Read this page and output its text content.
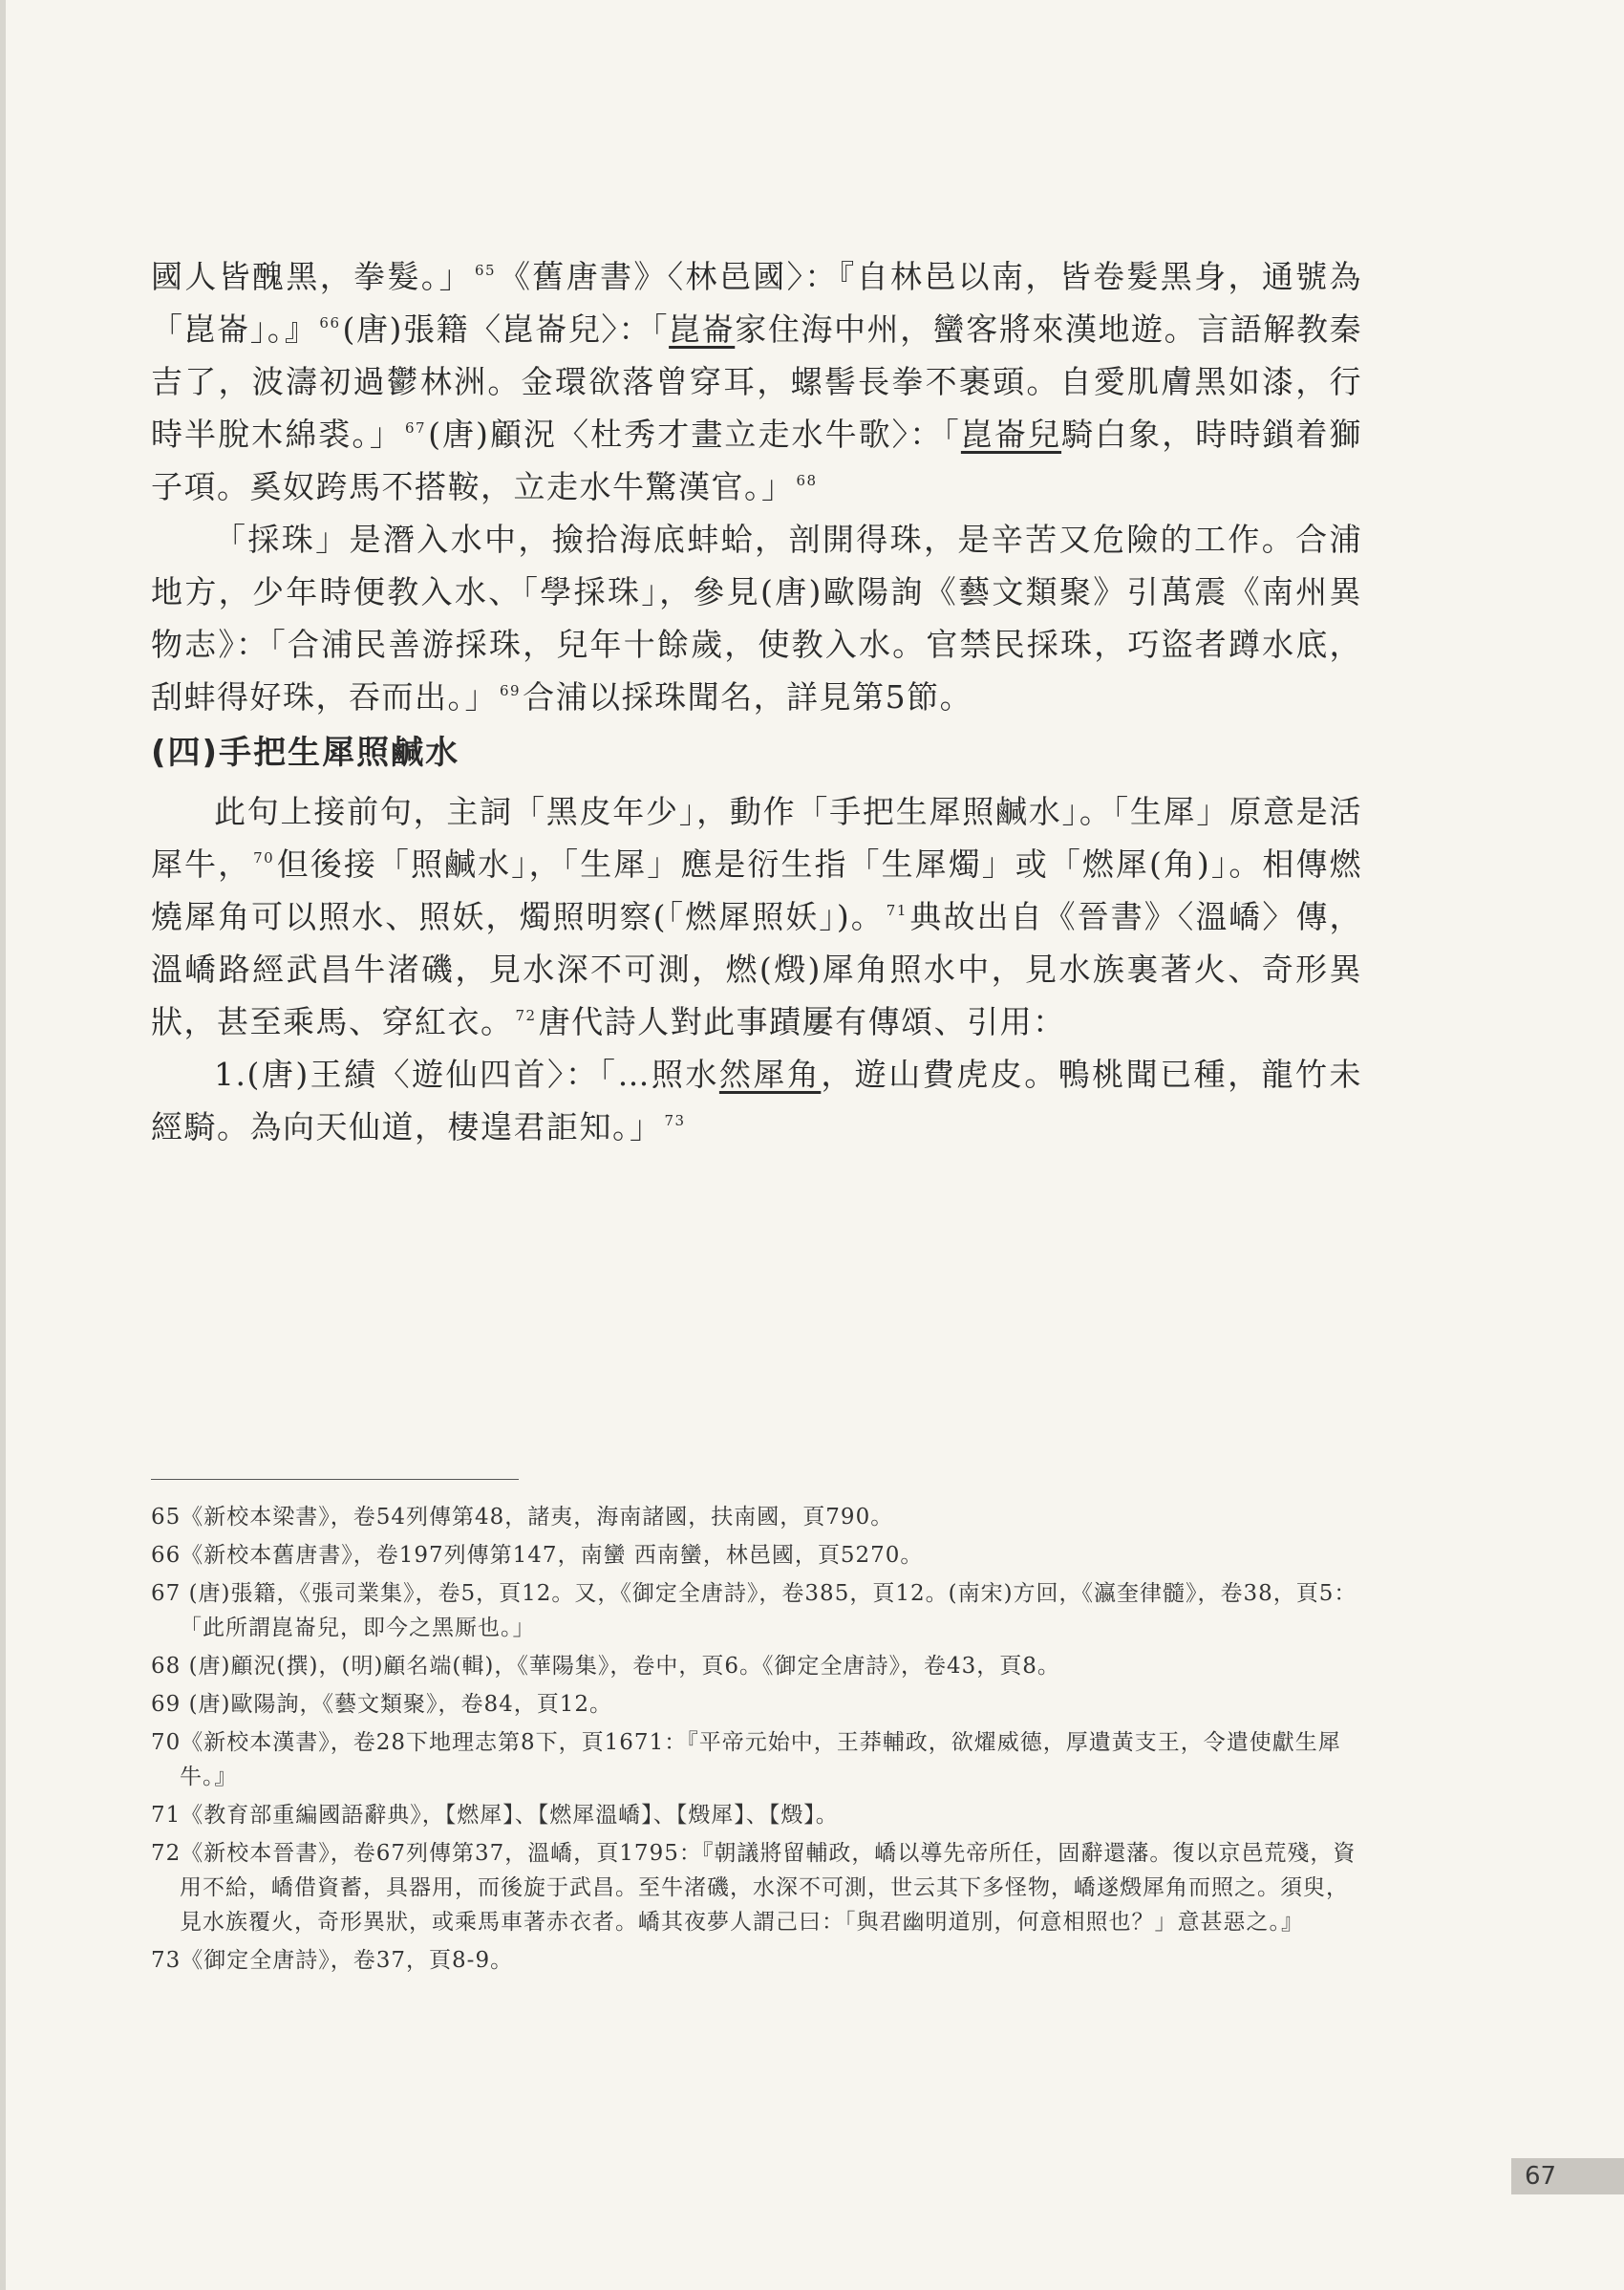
國人皆醜黑，拳髮。」 $^{65}$《舊唐書》〈林邑國〉：『自林邑以南，皆卷髮黑身，通號為「崑崙」。』 $^{66}$(唐)張籍〈崑崙兒〉：「崑崙家住海中州，蠻客將來漢地遊。言語解教秦吉了，波濤初過鬱林洲。金環欲落曾穿耳，螺髻長拳不裹頭。自愛肌膚黑如漆，行時半脫木綿裘。」 $^{67}$(唐)顧況〈杜秀才畫立走水牛歌〉：「崑崙兒騎白象，時時鎖着獅子項。奚奴跨馬不搭鞍，立走水牛驚漢官。」 $^{68}$

「採珠」是潛入水中，撿拾海底蚌蛤，剖開得珠，是辛苦又危險的工作。合浦地方，少年時便教入水、「學採珠」，參見(唐)歐陽詢《藝文類聚》引萬震《南州異物志》：「合浦民善游採珠，兒年十餘歲，使教入水。官禁民採珠，巧盜者蹲水底，刮蚌得好珠，吞而出。」 $^{69}$合浦以採珠聞名，詳見第5節。

(四)手把生犀照鹹水

此句上接前句，主詞「黑皮年少」，動作「手把生犀照鹹水」。「生犀」原意是活犀牛， $^{70}$但後接「照鹹水」，「生犀」應是衍生指「生犀燭」或「燃犀(角)」。相傳燃燒犀角可以照水、照妖，燭照明察(「燃犀照妖」)。 $^{71}$典故出自《晉書》〈溫嶠〉傳，溫嶠路經武昌牛渚磯，見水深不可測，燃(燬)犀角照水中，見水族裏著火、奇形異狀，甚至乘馬、穿紅衣。 $^{72}$唐代詩人對此事蹟屢有傳頌、引用：

1.(唐)王績〈遊仙四首〉：「…照水然犀角，遊山費虎皮。鴨桃聞已種，龍竹未經騎。為向天仙道，棲遑君詎知。」 $^{73}$

65《新校本梁書》，卷54列傳第48，諸夷，海南諸國，扶南國，頁790。

66《新校本舊唐書》，卷197列傳第147，南蠻 西南蠻，林邑國，頁5270。

67 (唐)張籍，《張司業集》，卷5，頁12。又，《御定全唐詩》，卷385，頁12。(南宋)方回，《瀛奎律髓》，卷38，頁5：「此所謂崑崙兒，即今之黑厮也。」

68 (唐)顧況(撰)，(明)顧名端(輯)，《華陽集》，卷中，頁6。《御定全唐詩》，卷43，頁8。

69 (唐)歐陽詢，《藝文類聚》，卷84，頁12。

70《新校本漢書》，卷28下地理志第8下，頁1671：『平帝元始中，王莽輔政，欲燿威德，厚遺黃支王，令遣使獻生犀牛。』

71《教育部重編國語辭典》，【燃犀】、【燃犀溫嶠】、【燬犀】、【燬】。

72《新校本晉書》，卷67列傳第37，溫嶠，頁1795：『朝議將留輔政，嶠以導先帝所任，固辭還藩。復以京邑荒殘，資用不給，嶠借資蓄，具器用，而後旋于武昌。至牛渚磯，水深不可測，世云其下多怪物，嶠遂燬犀角而照之。須臾，見水族覆火，奇形異狀，或乘馬車著赤衣者。嶠其夜夢人謂己曰：「與君幽明道別，何意相照也？」意甚惡之。』

73《御定全唐詩》，卷37，頁8-9。

67
